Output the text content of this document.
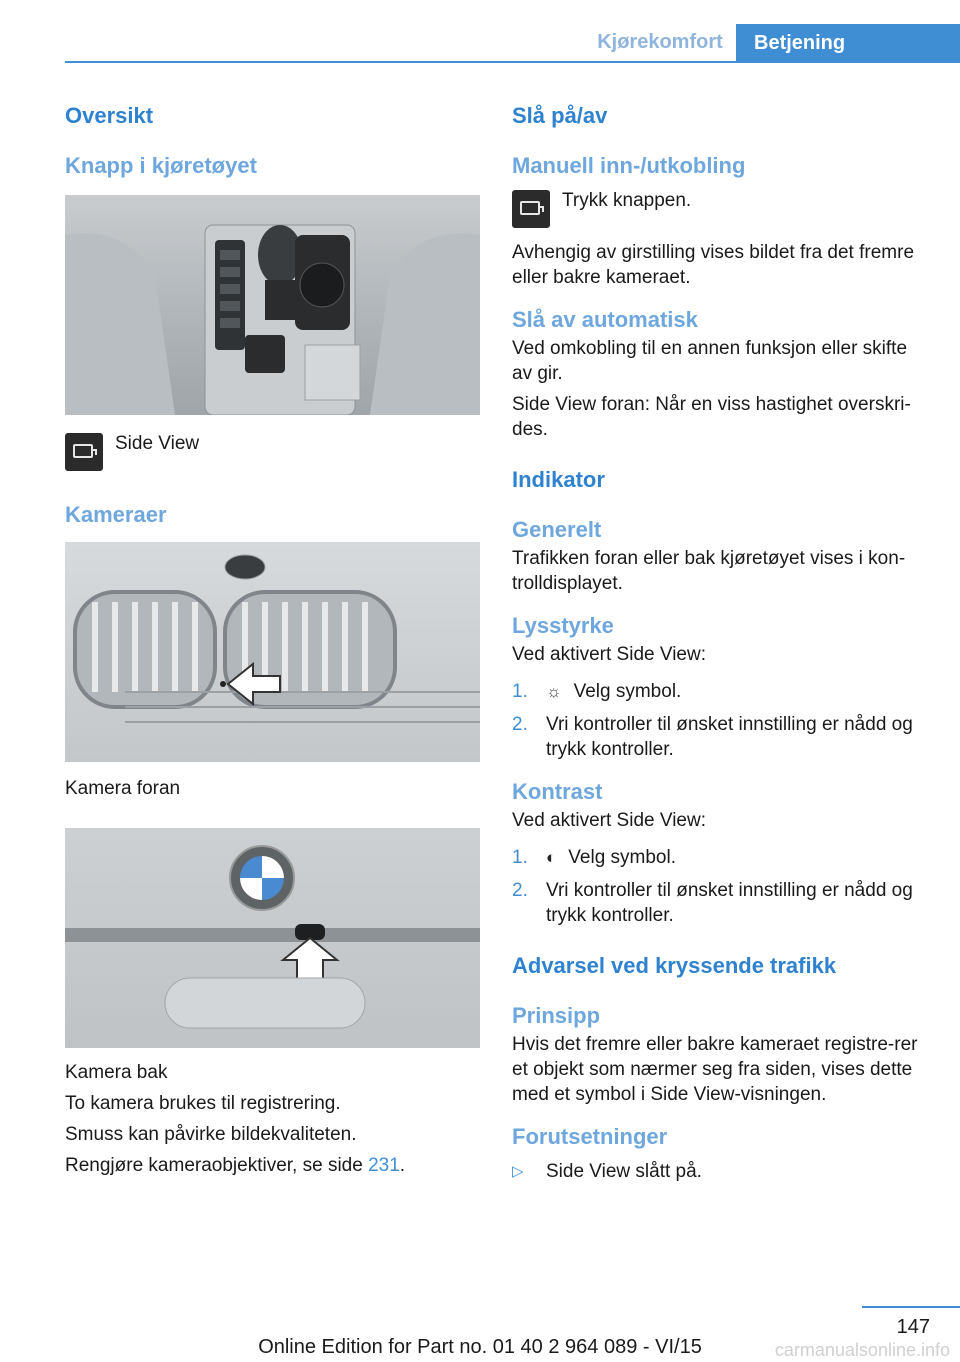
Kjørekomfort	Betjening
Oversikt
Knapp i kjøretøyet

Side View

Kameraer

Kamera foran

Kamera bak

To kamera brukes til registrering.

Smuss kan påvirke bildekvaliteten.

Rengjøre kameraobjektiver, se side 231.

Slå på/av
Manuell inn-/utkobling

Trykk knappen.

Avhengig av girstilling vises bildet fra det fremre eller bakre kameraet.

Slå av automatisk

Ved omkobling til en annen funksjon eller skifte av gir.

Side View foran: Når en viss hastighet overskri‐des.

Indikator
Generelt

Trafikken foran eller bak kjøretøyet vises i kon‐trolldisplayet.

Lysstyrke

Ved aktivert Side View:

1.	☼ Velg symbol.
2. Vri kontroller til ønsket innstilling er nådd og trykk kontroller.
Kontrast

Ved aktivert Side View:

1.	◐ Velg symbol.
2. Vri kontroller til ønsket innstilling er nådd og trykk kontroller.
Advarsel ved kryssende trafikk
Prinsipp

Hvis det fremre eller bakre kameraet registre‐rer et objekt som nærmer seg fra siden, vises dette med et symbol i Side View-visningen.

Forutsetninger
▷	Side View slått på.
147
Online Edition for Part no. 01 40 2 964 089 - VI/15	carmanualsonline.info
